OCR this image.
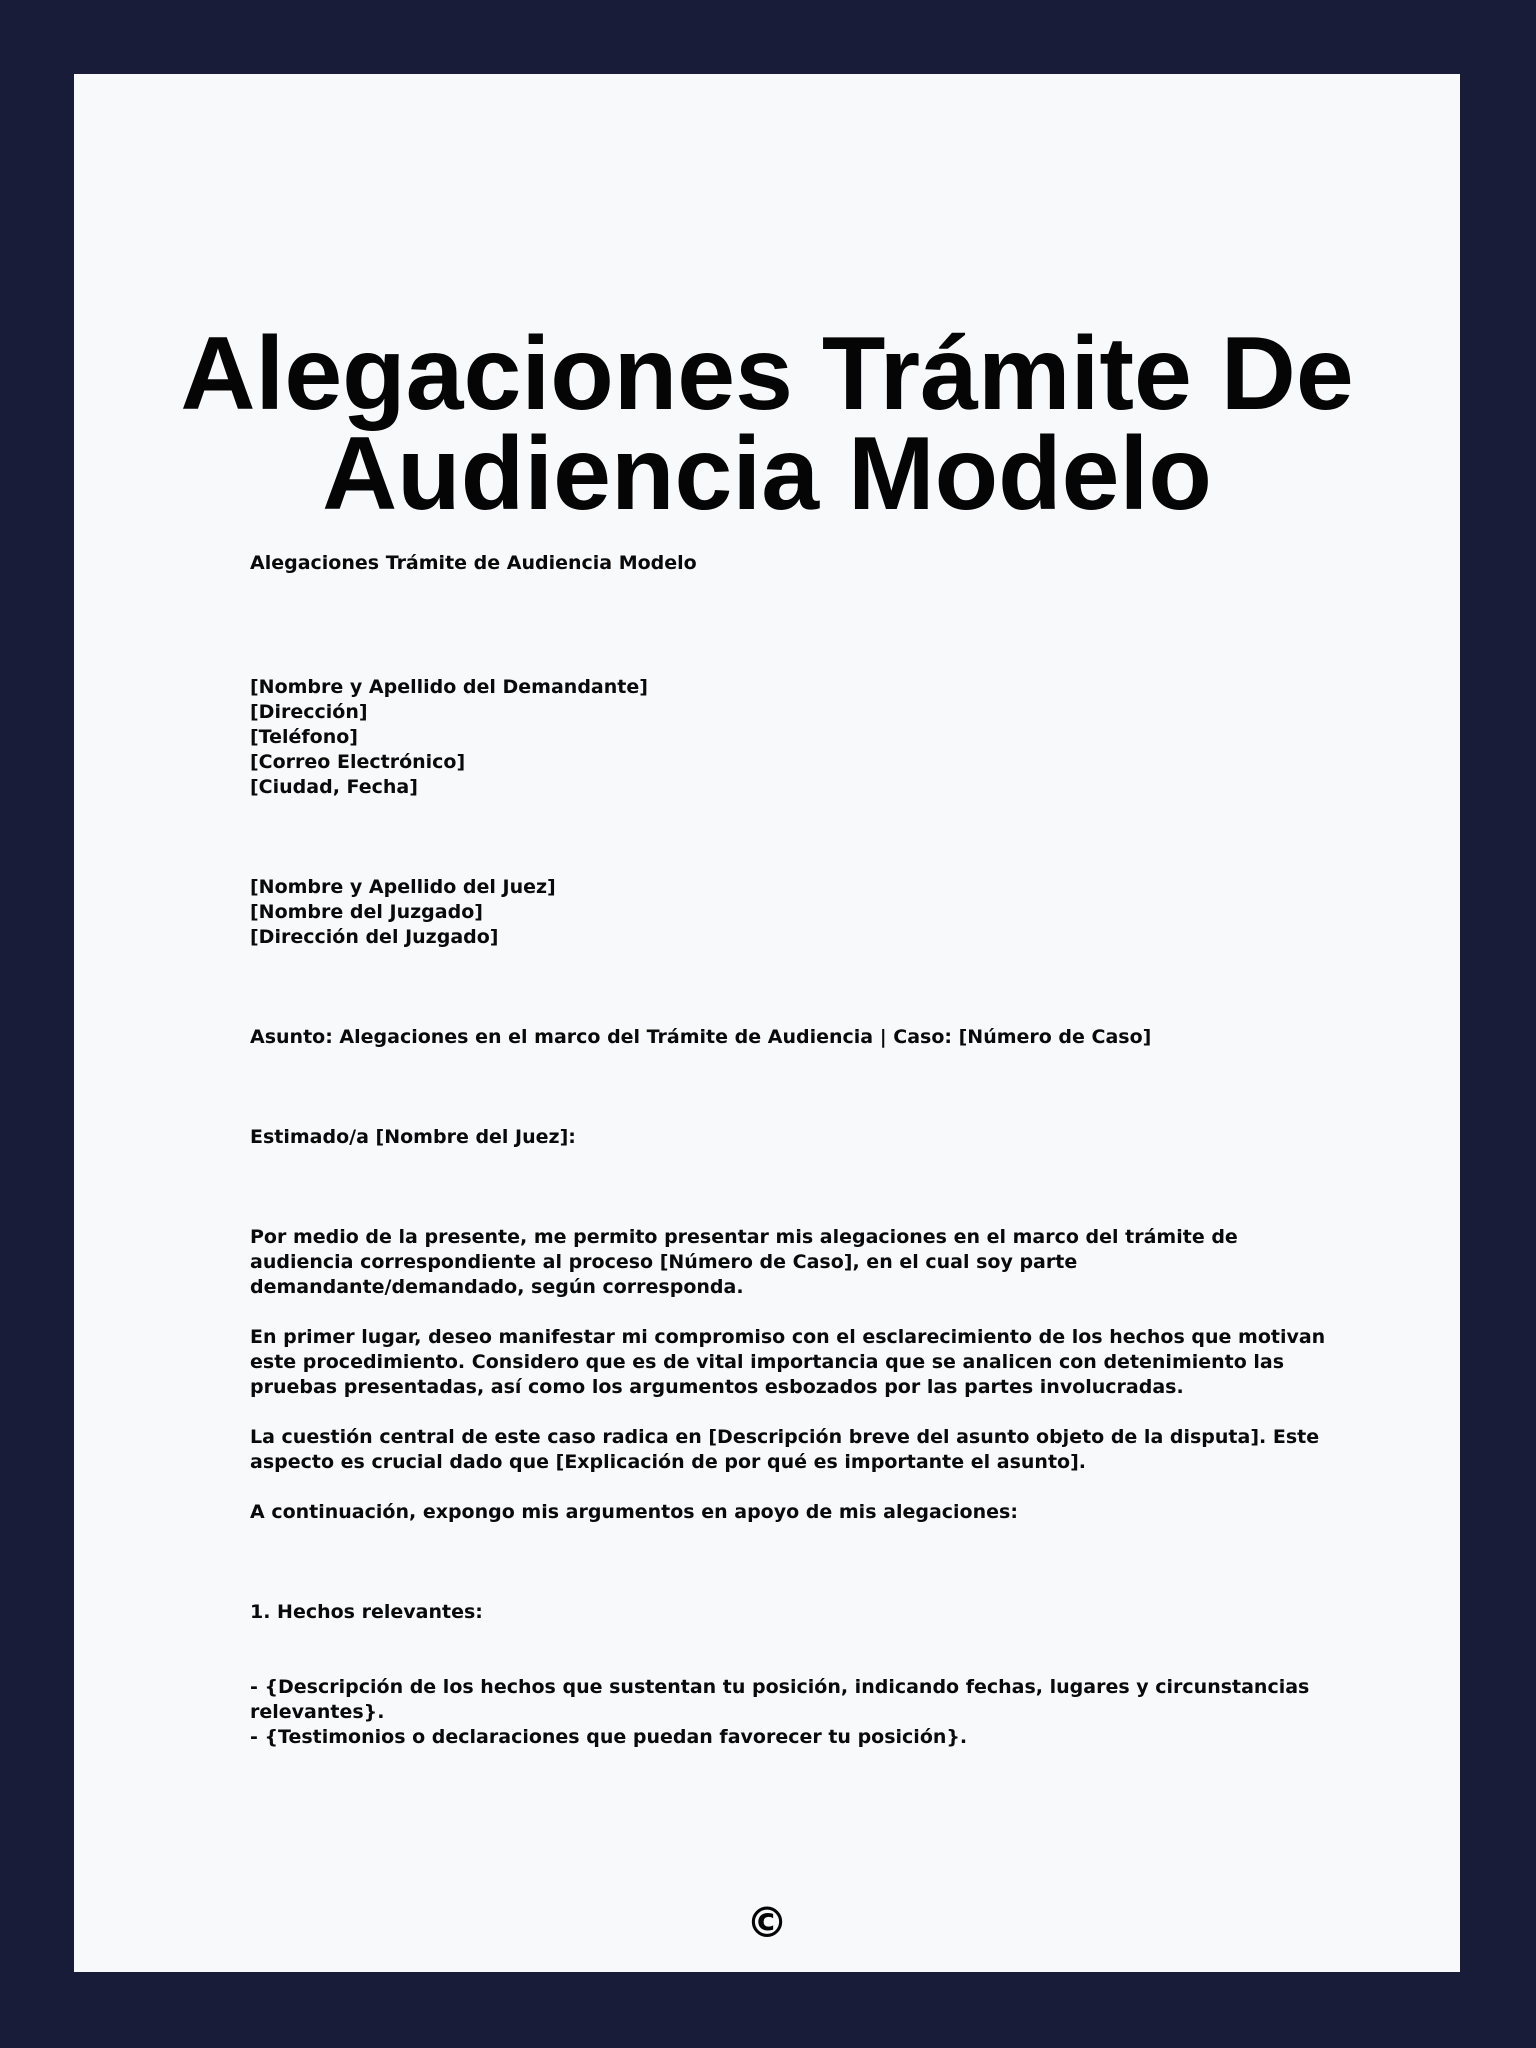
Alegaciones Trámite De
Audiencia Modelo

Alegaciones Trámite de Audiencia Modelo

[Nombre y Apellido del Demandante]
[Dirección]
[Teléfono]
[Correo Electrónico]
[Ciudad, Fecha]
[Nombre y Apellido del Juez]
[Nombre del Juzgado]
[Dirección del Juzgado]

Asunto: Alegaciones en el marco del Trámite de Audiencia | Caso: [Número de Caso]

Estimado/a [Nombre del Juez]:

Por medio de la presente, me permito presentar mis alegaciones en el marco del trámite de audiencia correspondiente al proceso [Número de Caso], en el cual soy parte demandante/demandado, según corresponda.

En primer lugar, deseo manifestar mi compromiso con el esclarecimiento de los hechos que motivan este procedimiento. Considero que es de vital importancia que se analicen con detenimiento las pruebas presentadas, así como los argumentos esbozados por las partes involucradas.

La cuestión central de este caso radica en [Descripción breve del asunto objeto de la disputa]. Este aspecto es crucial dado que [Explicación de por qué es importante el asunto].

A continuación, expongo mis argumentos en apoyo de mis alegaciones:

1. Hechos relevantes:

- {Descripción de los hechos que sustentan tu posición, indicando fechas, lugares y circunstancias relevantes}.
- {Testimonios o declaraciones que puedan favorecer tu posición}.
©
